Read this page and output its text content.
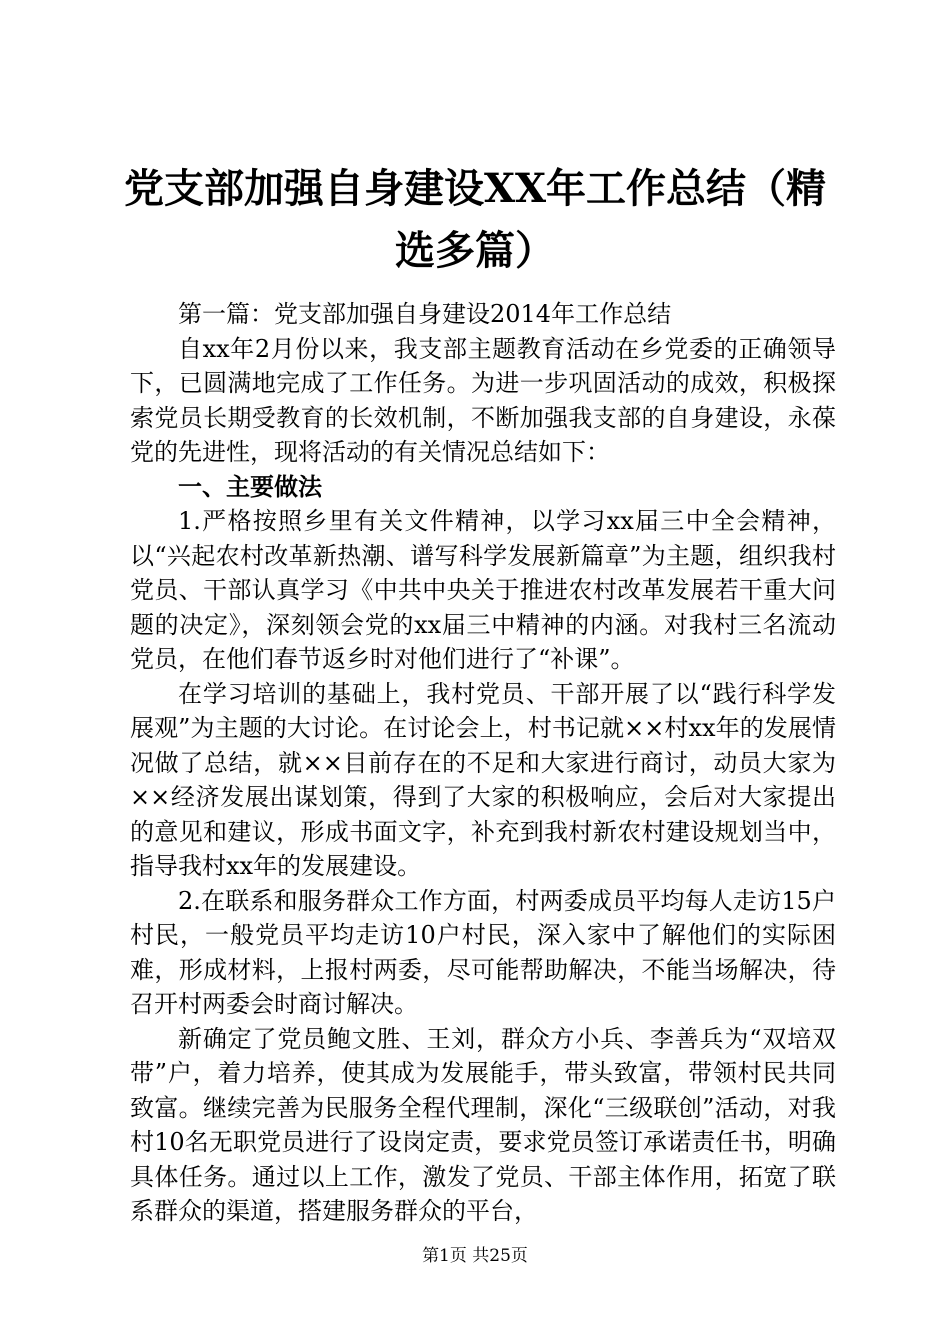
党支部加强自身建设XX年工作总结（精选多篇）

第一篇：党支部加强自身建设2014年工作总结

自xx年2月份以来，我支部主题教育活动在乡党委的正确领导下，已圆满地完成了工作任务。为进一步巩固活动的成效，积极探索党员长期受教育的长效机制，不断加强我支部的自身建设，永葆党的先进性，现将活动的有关情况总结如下：

一、主要做法

1.严格按照乡里有关文件精神，以学习xx届三中全会精神，以“兴起农村改革新热潮、谱写科学发展新篇章”为主题，组织我村党员、干部认真学习《中共中央关于推进农村改革发展若干重大问题的决定》，深刻领会党的xx届三中精神的内涵。对我村三名流动党员，在他们春节返乡时对他们进行了“补课”。

在学习培训的基础上，我村党员、干部开展了以“践行科学发展观”为主题的大讨论。在讨论会上，村书记就××村xx年的发展情况做了总结，就××目前存在的不足和大家进行商讨，动员大家为××经济发展出谋划策，得到了大家的积极响应，会后对大家提出的意见和建议，形成书面文字，补充到我村新农村建设规划当中，指导我村xx年的发展建设。

2.在联系和服务群众工作方面，村两委成员平均每人走访15户村民，一般党员平均走访10户村民，深入家中了解他们的实际困难，形成材料，上报村两委，尽可能帮助解决，不能当场解决，待召开村两委会时商讨解决。

新确定了党员鲍文胜、王刘，群众方小兵、李善兵为“双培双带”户，着力培养，使其成为发展能手，带头致富，带领村民共同致富。继续完善为民服务全程代理制，深化“三级联创”活动，对我村10名无职党员进行了设岗定责，要求党员签订承诺责任书，明确具体任务。通过以上工作，激发了党员、干部主体作用，拓宽了联系群众的渠道，搭建服务群众的平台，

第1页 共25页
